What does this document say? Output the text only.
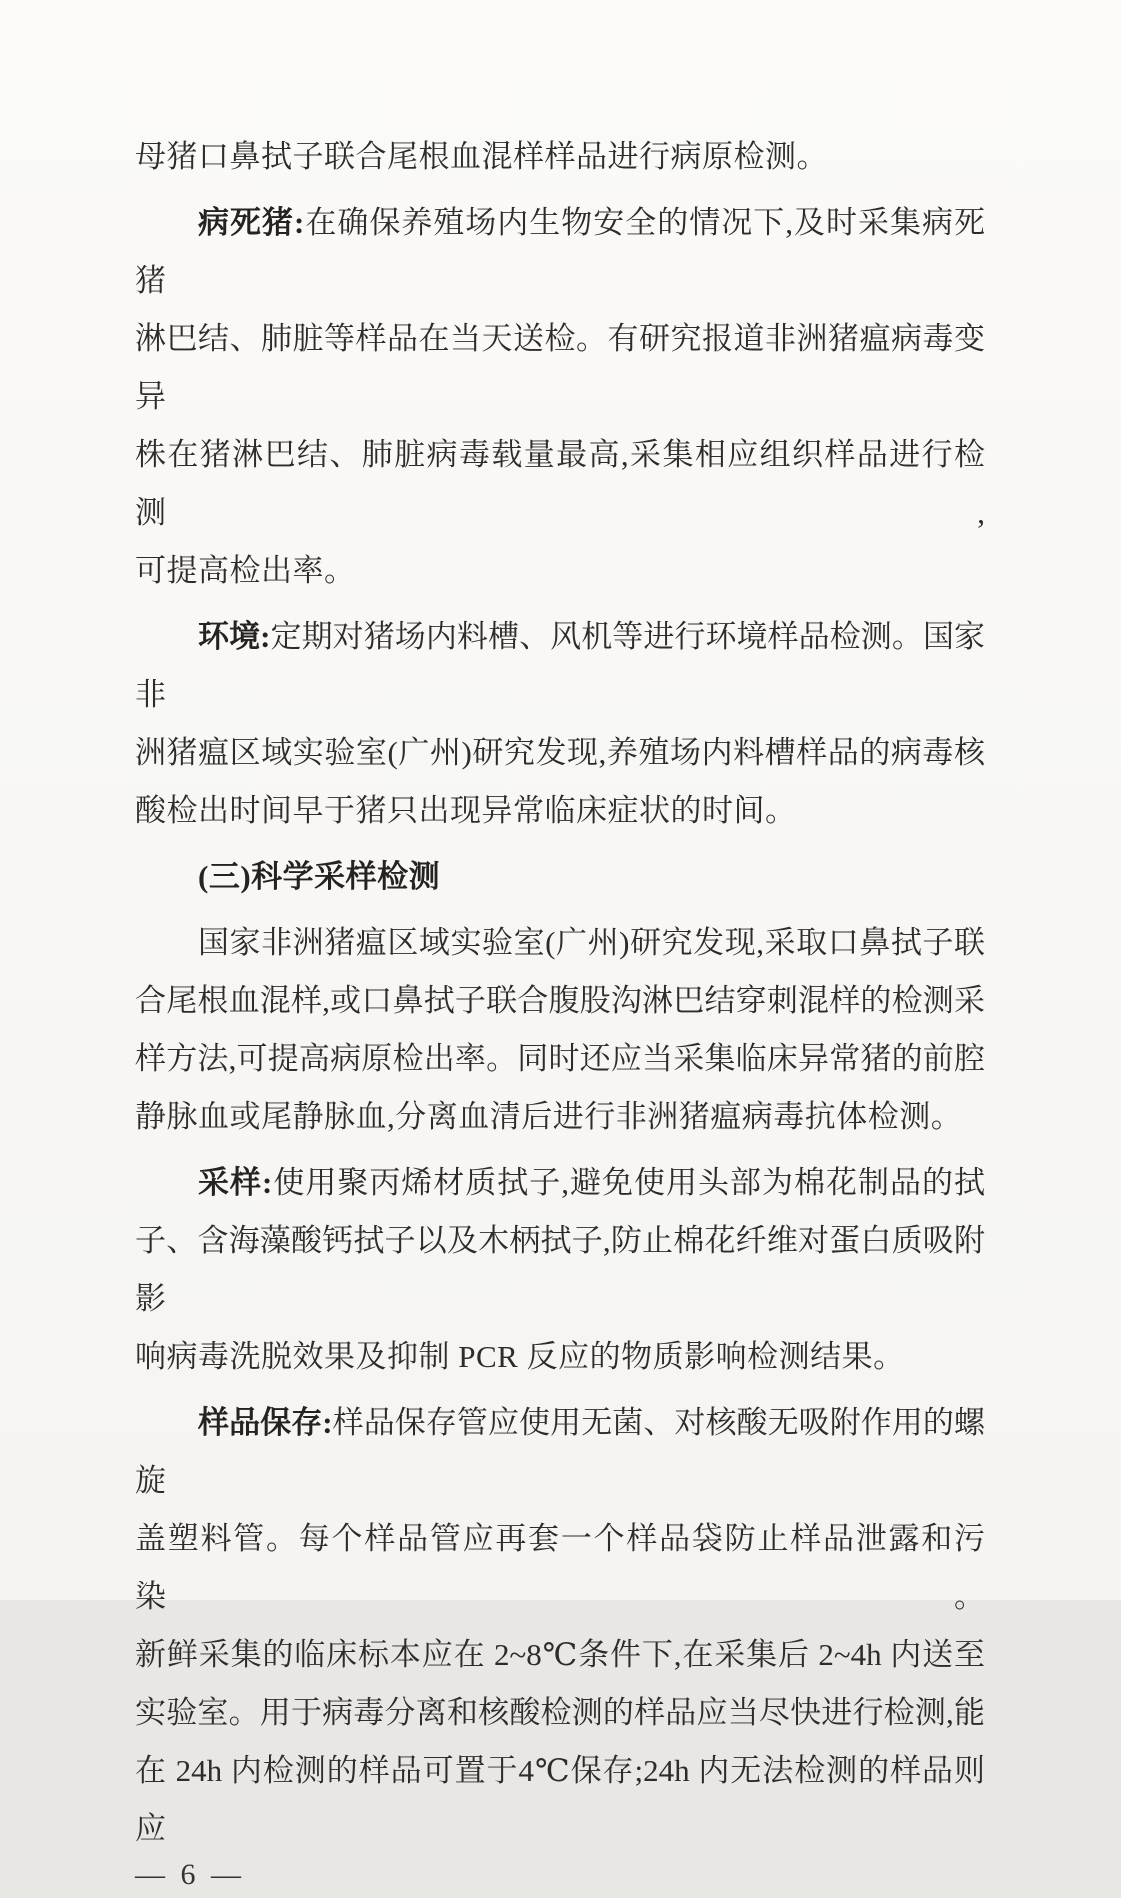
母猪口鼻拭子联合尾根血混样样品进行病原检测。
病死猪:在确保养殖场内生物安全的情况下,及时采集病死猪
淋巴结、肺脏等样品在当天送检。有研究报道非洲猪瘟病毒变异
株在猪淋巴结、肺脏病毒载量最高,采集相应组织样品进行检测,
可提高检出率。
环境:定期对猪场内料槽、风机等进行环境样品检测。国家非
洲猪瘟区域实验室(广州)研究发现,养殖场内料槽样品的病毒核
酸检出时间早于猪只出现异常临床症状的时间。
(三)科学采样检测
国家非洲猪瘟区域实验室(广州)研究发现,采取口鼻拭子联
合尾根血混样,或口鼻拭子联合腹股沟淋巴结穿刺混样的检测采
样方法,可提高病原检出率。同时还应当采集临床异常猪的前腔
静脉血或尾静脉血,分离血清后进行非洲猪瘟病毒抗体检测。
采样:使用聚丙烯材质拭子,避免使用头部为棉花制品的拭
子、含海藻酸钙拭子以及木柄拭子,防止棉花纤维对蛋白质吸附影
响病毒洗脱效果及抑制 PCR 反应的物质影响检测结果。
样品保存:样品保存管应使用无菌、对核酸无吸附作用的螺旋
盖塑料管。每个样品管应再套一个样品袋防止样品泄露和污染。
新鲜采集的临床标本应在 2~8℃条件下,在采集后 2~4h 内送至
实验室。用于病毒分离和核酸检测的样品应当尽快进行检测,能
在 24h 内检测的样品可置于4℃保存;24h 内无法检测的样品则应
— 6 —
